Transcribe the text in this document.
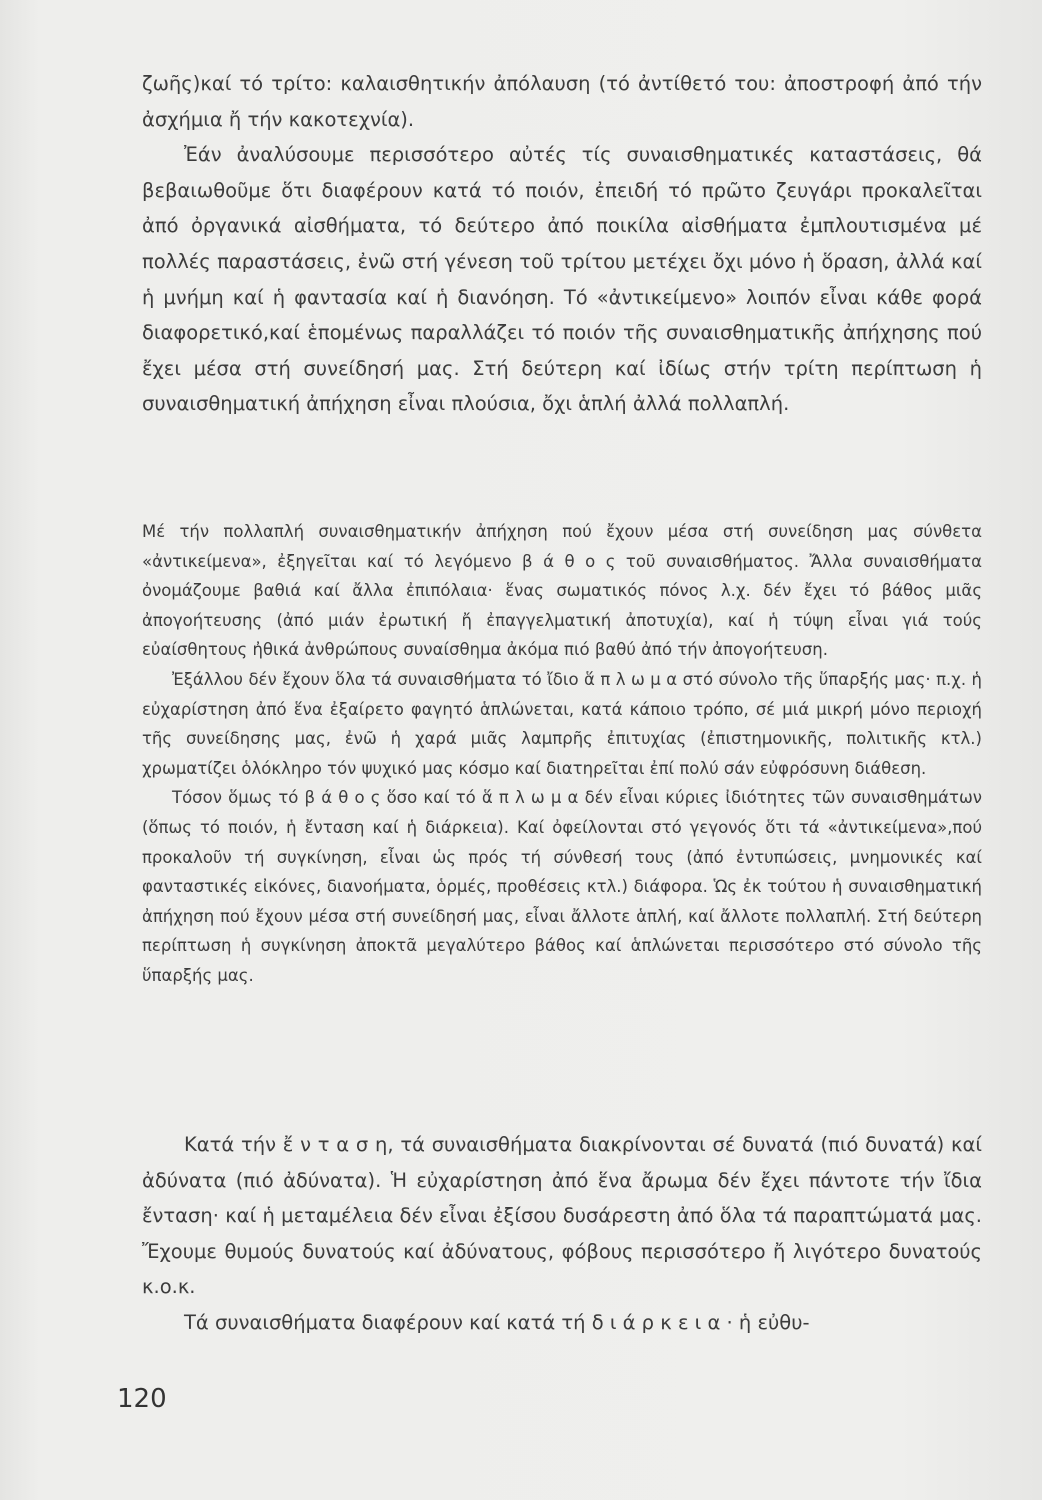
ζωῆς)καί τό τρίτο: καλαισθητικήν ἀπόλαυση (τό ἀντίθετό του: ἀποστροφή ἀπό τήν ἀσχήμια ἤ τήν κακοτεχνία).

Ἐάν ἀναλύσουμε περισσότερο αὐτές τίς συναισθηματικές καταστάσεις, θά βεβαιωθοῦμε ὅτι διαφέρουν κατά τό ποιόν, ἐπειδή τό πρῶτο ζευγάρι προκαλεῖται ἀπό ὀργανικά αἰσθήματα, τό δεύτερο ἀπό ποικίλα αἰσθήματα ἐμπλουτισμένα μέ πολλές παραστάσεις, ἐνῶ στή γένεση τοῦ τρίτου μετέχει ὄχι μόνο ἡ ὅραση, ἀλλά καί ἡ μνήμη καί ἡ φαντασία καί ἡ διανόηση. Τό «ἀντικείμενο» λοιπόν εἶναι κάθε φορά διαφορετικό,καί ἑπομένως παραλλάζει τό ποιόν τῆς συναισθηματικῆς ἀπήχησης πού ἔχει μέσα στή συνείδησή μας. Στή δεύτερη καί ἰδίως στήν τρίτη περίπτωση ἡ συναισθηματική ἀπήχηση εἶναι πλούσια, ὄχι ἁπλή ἀλλά πολλαπλή.

Μέ τήν πολλαπλή συναισθηματικήν ἀπήχηση πού ἔχουν μέσα στή συνείδηση μας σύνθετα «ἀντικείμενα», ἐξηγεῖται καί τό λεγόμενο β ά θ ο ς τοῦ συναισθήματος. Ἄλλα συναισθήματα ὀνομάζουμε βαθιά καί ἄλλα ἐπιπόλαια· ἕνας σωματικός πόνος λ.χ. δέν ἔχει τό βάθος μιᾶς ἀπογοήτευσης (ἀπό μιάν ἐρωτική ἤ ἐπαγγελματική ἀποτυχία), καί ἡ τύψη εἶναι γιά τούς εὐαίσθητους ἠθικά ἀνθρώπους συναίσθημα ἀκόμα πιό βαθύ ἀπό τήν ἀπογοήτευση.

Ἐξάλλου δέν ἔχουν ὅλα τά συναισθήματα τό ἴδιο ἅ π λ ω μ α στό σύνολο τῆς ὕπαρξής μας· π.χ. ἡ εὐχαρίστηση ἀπό ἕνα ἐξαίρετο φαγητό ἁπλώνεται, κατά κάποιο τρόπο, σέ μιά μικρή μόνο περιοχή τῆς συνείδησης μας, ἐνῶ ἡ χαρά μιᾶς λαμπρῆς ἐπιτυχίας (ἐπιστημονικῆς, πολιτικῆς κτλ.) χρωματίζει ὁλόκληρο τόν ψυχικό μας κόσμο καί διατηρεῖται ἐπί πολύ σάν εὐφρόσυνη διάθεση.

Τόσον ὅμως τό β ά θ ο ς ὅσο καί τό ἅ π λ ω μ α δέν εἶναι κύριες ἰδιότητες τῶν συναισθημάτων (ὅπως τό ποιόν, ἡ ἔνταση καί ἡ διάρκεια). Καί ὀφείλονται στό γεγονός ὅτι τά «ἀντικείμενα»,πού προκαλοῦν τή συγκίνηση, εἶναι ὡς πρός τή σύνθεσή τους (ἀπό ἐντυπώσεις, μνημονικές καί φανταστικές εἰκόνες, διανοήματα, ὁρμές, προθέσεις κτλ.) διάφορα. Ὡς ἐκ τούτου ἡ συναισθηματική ἀπήχηση πού ἔχουν μέσα στή συνείδησή μας, εἶναι ἄλλοτε ἁπλή, καί ἄλλοτε πολλαπλή. Στή δεύτερη περίπτωση ἡ συγκίνηση ἀποκτᾶ μεγαλύτερο βάθος καί ἁπλώνεται περισσότερο στό σύνολο τῆς ὕπαρξής μας.

Κατά τήν ἔ ν τ α σ η, τά συναισθήματα διακρίνονται σέ δυνατά (πιό δυνατά) καί ἀδύνατα (πιό ἀδύνατα). Ἡ εὐχαρίστηση ἀπό ἕνα ἄρωμα δέν ἔχει πάντοτε τήν ἴδια ἔνταση· καί ἡ μεταμέλεια δέν εἶναι ἐξίσου δυσάρεστη ἀπό ὅλα τά παραπτώματά μας. Ἔχουμε θυμούς δυνατούς καί ἀδύνατους, φόβους περισσότερο ἤ λιγότερο δυνατούς κ.ο.κ.

Τά συναισθήματα διαφέρουν καί κατά τή δ ι ά ρ κ ε ι α · ἡ εὐθυ-

120
